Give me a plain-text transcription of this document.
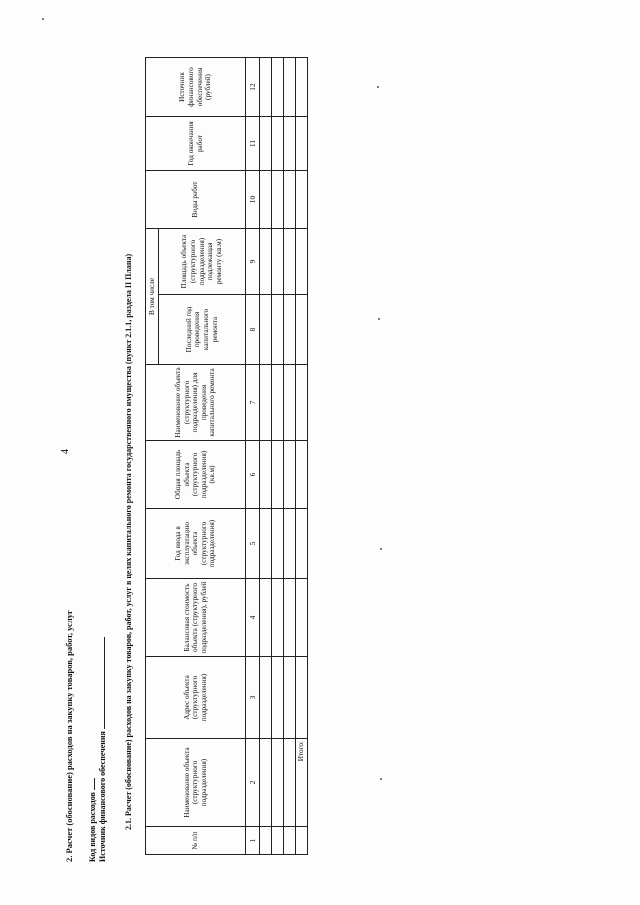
4
2. Расчет (обоснование) расходов на закупку товаров, работ, услуг Код видов расходов Источник финансового обеспечения 2.1. Расчет (обоснование) расходов на закупку товаров, работ, услуг в целях капитального ремонта государственного имущества (пункт 2.1.1, раздела II Плана)
№ п/п	Наименование объекта (структурного подразделения)	Адрес объекта (структурного подразделения)	Балансовая стоимость объекта (структурного подразделения), рублей	Год ввода в эксплуатацию объекта (структурного подразделения)	Общая площадь объекта (структурного подразделения) (кв.м)	Наименование объекта (структурного подразделения) для проведения капитального ремонта	В том числе		Виды работ	Год окончания работ	Источник финансового обеспечения (рублей)
							Последний год проведения капитального ремонта	Площадь объекта (структурного подразделения) подлежащая ремонту (кв.м)			
1	2	3	4	5	6	7	8	9	10	11	12

	Итого:										
